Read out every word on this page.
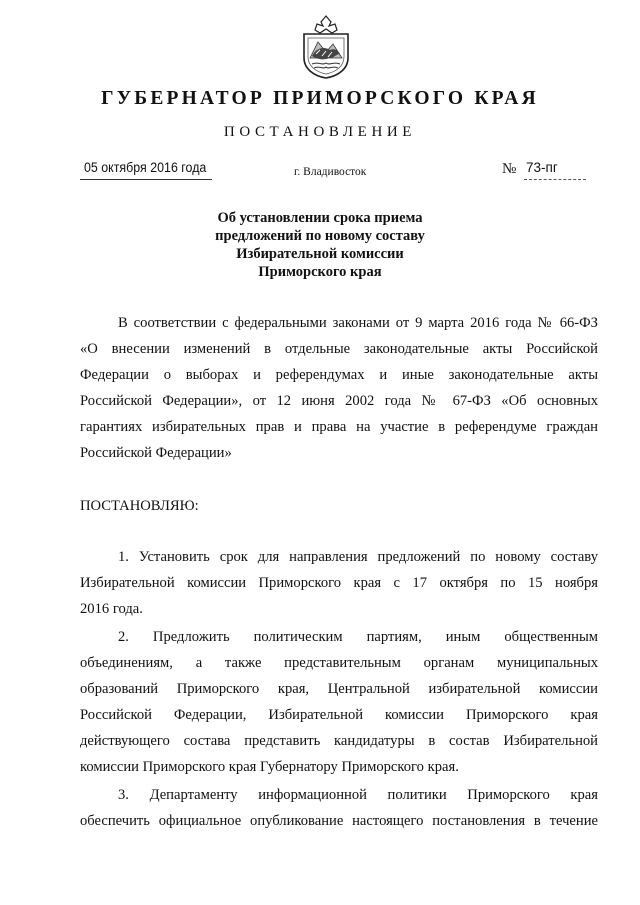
ГУБЕРНАТОР ПРИМОРСКОГО КРАЯ
ПОСТАНОВЛЕНИЕ
05 октября 2016 года	г. Владивосток	№ 73-пг
Об установлении срока приема
предложений по новому составу
Избирательной комиссии
Приморского края
В соответствии с федеральными законами от 9 марта 2016 года № 66-ФЗ
«О внесении изменений в отдельные законодательные акты Российской
Федерации о выборах и референдумах и иные законодательные акты
Российской Федерации», от 12 июня 2002 года № 67-ФЗ «Об основных
гарантиях избирательных прав и права на участие в референдуме граждан
Российской Федерации»
ПОСТАНОВЛЯЮ:
1. Установить срок для направления предложений по новому составу
Избирательной комиссии Приморского края с 17 октября по 15 ноября
2016 года.
2. Предложить политическим партиям, иным общественным
объединениям, а также представительным органам муниципальных
образований Приморского края, Центральной избирательной комиссии
Российской Федерации, Избирательной комиссии Приморского края
действующего состава представить кандидатуры в состав Избирательной
комиссии Приморского края Губернатору Приморского края.
3. Департаменту информационной политики Приморского края
обеспечить официальное опубликование настоящего постановления в течение
